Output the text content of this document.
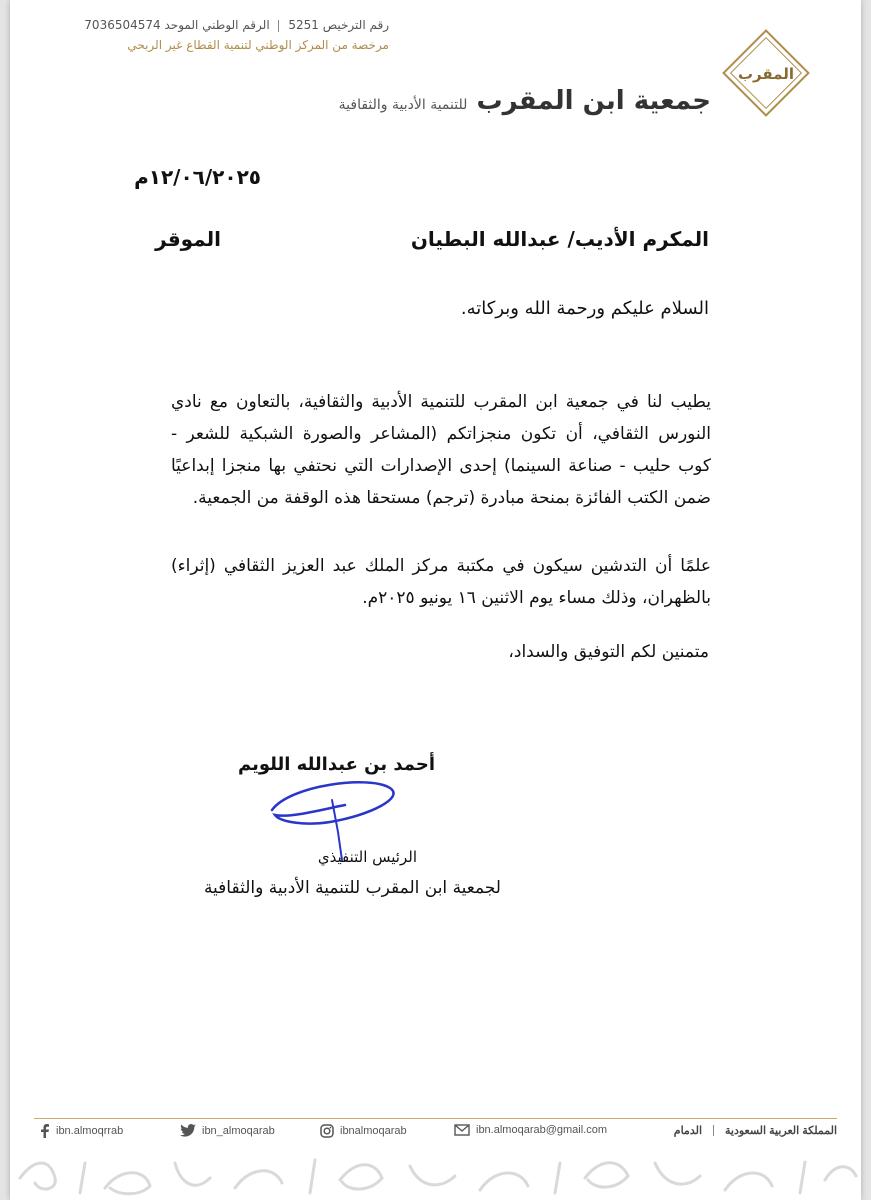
رقم الترخيص 5251  الرقم الوطني الموحد 7036504574
مرخصة من المركز الوطني لتنمية القطاع غير الربحي
المقرب
جمعية ابن المقرب للتنمية الأدبية والثقافية
١٢/٠٦/٢٠٢٥م
المكرم الأديب/ عبدالله البطيان
الموقر
السلام عليكم ورحمة الله وبركاته.
يطيب لنا في جمعية ابن المقرب للتنمية الأدبية والثقافية، بالتعاون مع نادي النورس الثقافي، أن تكون منجزاتكم (المشاعر والصورة الشبكية للشعر - كوب حليب - صناعة السينما) إحدى الإصدارات التي نحتفي بها منجزا إبداعيًا ضمن الكتب الفائزة بمنحة مبادرة (ترجم) مستحقا هذه الوقفة من الجمعية.
علمًا أن التدشين سيكون في مكتبة مركز الملك عبد العزيز الثقافي (إثراء) بالظهران، وذلك مساء يوم الاثنين ١٦ يونيو ٢٠٢٥م.
متمنين لكم التوفيق والسداد،
أحمد بن عبدالله اللويم
الرئيس التنفيذي
لجمعية ابن المقرب للتنمية الأدبية والثقافية
ibn.almoqrrab	ibn_almoqarab	ibnalmoqarab	ibn.almoqarab@gmail.com	المملكة العربية السعودية
الدمام
